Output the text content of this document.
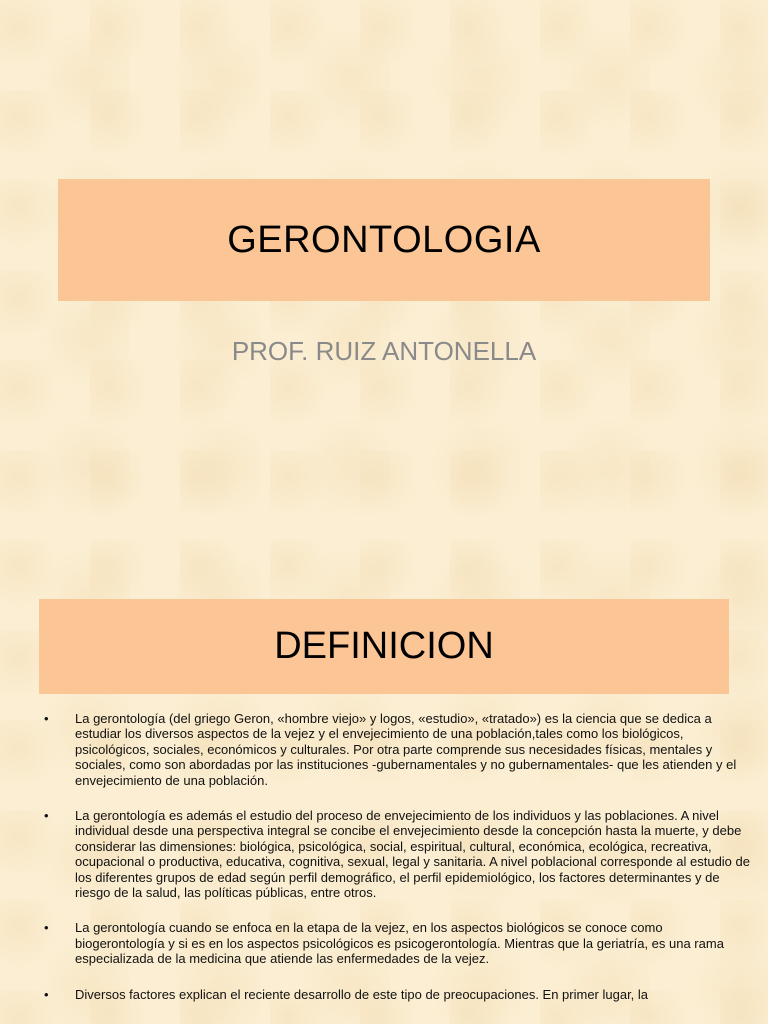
GERONTOLOGIA
PROF. RUIZ ANTONELLA
DEFINICION
• La gerontología (del griego Geron, «hombre viejo» y logos, «estudio», «tratado») es la ciencia que se dedica a estudiar los diversos aspectos de la vejez y el envejecimiento de una población,tales como los biológicos, psicológicos, sociales, económicos y culturales. Por otra parte comprende sus necesidades físicas, mentales y sociales, como son abordadas por las instituciones -gubernamentales y no gubernamentales- que les atienden y el envejecimiento de una población.
• La gerontología es además el estudio del proceso de envejecimiento de los individuos y las poblaciones. A nivel individual desde una perspectiva integral se concibe el envejecimiento desde la concepción hasta la muerte, y debe considerar las dimensiones: biológica, psicológica, social, espiritual, cultural, económica, ecológica, recreativa, ocupacional o productiva, educativa, cognitiva, sexual, legal y sanitaria. A nivel poblacional corresponde al estudio de los diferentes grupos de edad según perfil demográfico, el perfil epidemiológico, los factores determinantes y de riesgo de la salud, las políticas públicas, entre otros.
• La gerontología cuando se enfoca en la etapa de la vejez, en los aspectos biológicos se conoce como biogerontología y si es en los aspectos psicológicos es psicogerontología. Mientras que la geriatría, es una rama especializada de la medicina que atiende las enfermedades de la vejez.
• Diversos factores explican el reciente desarrollo de este tipo de preocupaciones. En primer lugar, la
